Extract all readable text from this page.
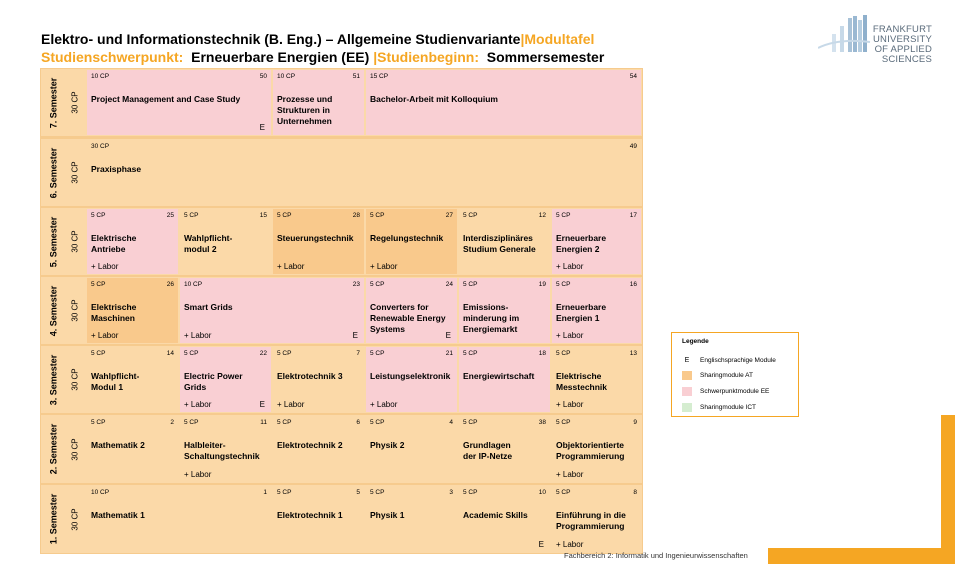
Elektro- und Informationstechnik (B. Eng.) – Allgemeine Studienvariante|Modultafel
Studienschwerpunkt: Erneuerbare Energien (EE) |Studienbeginn: Sommersemester
FRANKFURT
UNIVERSITY
OF APPLIED SCIENCES
7. Semester
6. Semester
5. Semester
4. Semester
3. Semester
2. Semester
1. Semester
30 CP
30 CP
30 CP
30 CP
30 CP
30 CP
30 CP
10 CP	50
Project Management and Case Study
E
10 CP	51
Prozesse und
Strukturen in
Unternehmen
15 CP	54
Bachelor-Arbeit mit Kolloquium
30 CP	49
Praxisphase
5 CP	25
Elektrische
Antriebe
+ Labor
5 CP	15
Wahlpflicht-
modul 2
5 CP	28
Steuerungstechnik
+ Labor
5 CP	27
Regelungstechnik
+ Labor
5 CP	12
Interdisziplinäres
Studium Generale
5 CP	17
Erneuerbare
Energien 2
+ Labor
5 CP	26
Elektrische
Maschinen
+ Labor
10 CP	23
Smart Grids
+ Labor	E
5 CP	24
Converters for
Renewable Energy
Systems
E
5 CP	19
Emissions-
minderung im
Energiemarkt
5 CP	16
Erneuerbare
Energien 1
+ Labor
5 CP	14
Wahlpflicht-
Modul 1
5 CP	22
Electric Power
Grids
+ Labor	E
5 CP	7
Elektrotechnik 3
+ Labor
5 CP	21
Leistungselektronik
+ Labor
5 CP	18
Energiewirtschaft
5 CP	13
Elektrische
Messtechnik
+ Labor
5 CP	2
Mathematik 2
5 CP	11
Halbleiter-
Schaltungstechnik
+ Labor
5 CP	6
Elektrotechnik 2
5 CP	4
Physik 2
5 CP	38
Grundlagen
der IP-Netze
5 CP	9
Objektorientierte
Programmierung
+ Labor
10 CP	1
Mathematik 1
5 CP	5
Elektrotechnik 1
5 CP	3
Physik 1
5 CP	10
Academic Skills
E
5 CP	8
Einführung in die
Programmierung
+ Labor
Legende
E	Englischsprachige Module
Sharingmodule AT
Schwerpunktmodule EE
Sharingmodule ICT
Fachbereich 2: Informatik und Ingenieurwissenschaften
